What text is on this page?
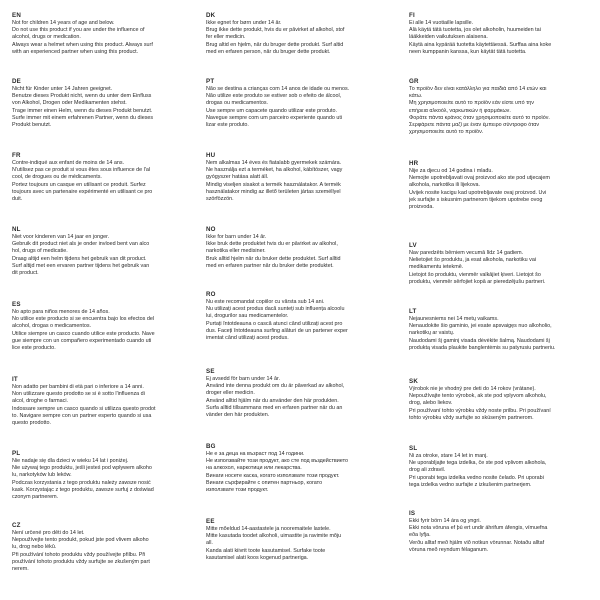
EN
Not for children 14 years of age and below.
Do not use this product if you are under the influence of
alcohol, drugs or medication.
Always wear a helmet when using this product. Always surf
with an experienced partner when using this product.
DE
Nicht für Kinder unter 14 Jahren geeignet.
Benutze dieses Produkt nicht, wenn du unter dem Einfluss
von Alkohol, Drogen oder Medikamenten stehst.
Trage immer einen Helm, wenn du dieses Produkt benutzt.
Surfe immer mit einem erfahrenen Partner, wenn du dieses
Produkt benutzt.
FR
Contre-indiqué aux enfant de moins de 14 ans.
N'utilisez pas ce produit si vous êtes sous influence de l'al
cool, de drogues ou de médicaments.
Portez toujours un casque en utilisant ce produit. Surfez
toujours avec un partenaire expérimenté en utilisant ce pro
duit.
NL
Niet voor kinderen van 14 jaar en jonger.
Gebruik dit product niet als je onder invloed bent van alco
hol, drugs of medicatie.
Draag altijd een helm tijdens het gebruik van dit product.
Surf altijd met een ervaren partner tijdens het gebruik van
dit product.
ES
No apto para niños menores de 14 años.
No utilice este producto si se encuentra bajo los efectos del
alcohol, drogas o medicamentos.
Utilice siempre un casco cuando utilice este producto. Nave
gue siempre con un compañero experimentado cuando uti
lice este producto.
IT
Non adatto per bambini di età pari o inferiore a 14 anni.
Non utilizzare questo prodotto se si è sotto l'influenza di
alcol, droghe o farmaci.
Indossare sempre un casco quando si utilizza questo prodot
to. Navigare sempre con un partner esperto quando si usa
questo prodotto.
PL
Nie nadaje się dla dzieci w wieku 14 lat i poniżej.
Nie używaj tego produktu, jeśli jesteś pod wpływem alkoho
lu, narkotyków lub leków.
Podczas korzystania z tego produktu należy zawsze nosić
kask. Korzystając z tego produktu, zawsze surfuj z doświad
czonym partnerem.
CZ
Není určené pro děti do 14 let.
Nepoužívejte tento produkt, pokud jste pod vlivem alkoho
lu, drog nebo léků.
Při používání tohoto produktu vždy používejte přilbu. Při
používání tohoto produktu vždy surfujte se zkušeným part
nerem.
DK
Ikke egnet for børn under 14 år.
Brug ikke dette produkt, hvis du er påvirket af alkohol, stof
fer eller medicin.
Brug altid en hjelm, når du bruger dette produkt. Surf altid
med en erfaren person, når du bruger dette produkt.
PT
Não se destina a crianças com 14 anos de idade ou menos.
Não utilize este produto se estiver sob o efeito de álcool,
drogas ou medicamentos.
Use sempre um capacete quando utilizar este produto.
Navegue sempre com um parceiro experiente quando uti
lizar este produto.
HU
Nem alkalmas 14 éves és fiatalabb gyermekek számára.
Ne használja ezt a terméket, ha alkohol, kábítószer, vagy
gyógyszer hatása alatt áll.
Mindig viseljen sisakot a termék használatakor. A termék
használatakor mindig az illető területen jártas személlyel
szörfözzön.
NO
Ikke for barn under 14 år.
Ikke bruk dette produktet hvis du er påvirket av alkohol,
narkotika eller medisiner.
Bruk alltid hjelm når du bruker dette produktet. Surf alltid
med en erfaren partner når du bruker dette produktet.
RO
Nu este recomandat copiilor cu vârsta sub 14 ani.
Nu utilizați acest produs dacă sunteți sub influența alcoolu
lui, drogurilor sau medicamentelor.
Purtați întotdeauna o cască atunci când utilizați acest pro
dus. Faceți întotdeauna surfing alături de un partener exper
imentat când utilizați acest produs.
SE
Ej avsedd för barn under 14 år.
Använd inte denna produkt om du är påverkad av alkohol,
droger eller medicin.
Använd alltid hjälm när du använder den här produkten.
Surfa alltid tillsammans med en erfaren partner när du an
vänder den här produkten.
BG
Не е за деца на възраст под 14 години.
Не използвайте този продукт, ако сте под въздействието
на алкохол, наркотици или лекарства.
Винаги носете каска, когато използвате този продукт.
Винаги сърфирайте с опитен партньор, когато
използвате този продукт.
EE
Mitte mõeldud 14-aastastele ja nooremaitele lastele.
Mitte kasutada toodet alkoholi, uimastite ja ravimite mõju
all.
Kanda alati kiivrit toote kasutamisel. Surfake toote
kasutamisel alati koos kogenud partneriga.
FI
Ei alle 14 vuotiaille lapsille.
Älä käytä tätä tuotetta, jos olet alkoholin, huumeiden tai
lääkkeiden vaikutuksen alaisena.
Käytä aina kypärää tuotetta käytettäessä. Surffaa aina koke
neen kumppanin kanssa, kun käytät tätä tuotetta.
GR
Το προϊόν δεν είναι κατάλληλο για παιδιά από 14 ετών και
κάτω.
Μη χρησιμοποιείτε αυτό το προϊόν εάν είστε υπό την
επήρεια αλκοόλ, ναρκωτικών ή φαρμάκων.
Φοράτε πάντα κράνος όταν χρησιμοποιείτε αυτό το προϊόν.
Σερφάρετε πάντα μαζί με έναν έμπειρο σύντροφο όταν
χρησιμοποιείτε αυτό το προϊόν.
HR
Nije za djecu od 14 godina i mlađu.
Nemojte upotrebljavati ovaj proizvod ako ste pod utjecajem
alkohola, narkotika ili lijekova.
Uvijek nosite kacigu kad upotrebljavate ovaj proizvod. Uvi
jek surfajte s iskusnim partnerom tijekom upotrebe ovog
proizvoda.
LV
Nav paredzēts bērniem vecumā līdz 14 gadiem.
Nelietojiet šo produktu, ja esat alkohola, narkotiku vai
medikamentu ietekmē.
Lietojot šo produktu, vienmēr valkājiet ķiveri. Lietojot šo
produktu, vienmēr sērfojiet kopā ar pieredzējušu partneri.
LT
Nejaunesniems nei 14 metų vaikams.
Nenaudokite šio gaminio, jei esate apsvaigęs nuo alkoholio,
narkotikų ar vaistų.
Naudodami šį gaminį visada dėvėkite šalmą. Naudodami šį
produktą visada plaukite banglentėmis su patyrusiu partneriu.
SK
Výrobok nie je vhodný pre deti do 14 rokov (vrátane).
Nepoužívajte tento výrobok, ak ste pod vplyvom alkoholu,
drog, alebo liekov.
Pri používaní tohto výrobku vždy noste prilbu. Pri používaní
tohto výrobku vždy surfujte so skúseným partnerom.
SL
Ni za otroke, stare 14 let in manj.
Ne uporabljajte tega izdelka, če ste pod vplivom alkohola,
drog ali zdravil.
Pri uporabi tega izdelka vedno nosite čelado. Pri uporabi
tega izdelka vedno surfajte z izkušenim partnerjem.
IS
Ekki fyrir börn 14 ára og yngri.
Ekki nota vöruna ef þú ert undir áhrifum áfengis, vímuefna
eða lyfja.
Verðu alltaf með hjálm við notkun vörunnar. Notaðu alltaf
vöruna með reyndum félaganum.
